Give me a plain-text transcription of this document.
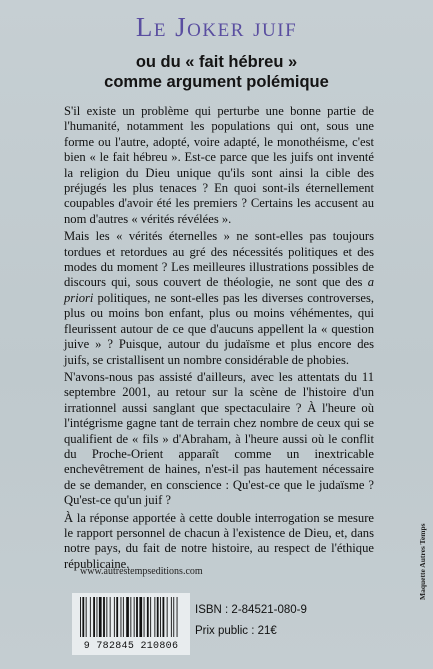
Le Joker juif
ou du « fait hébreu »
comme argument polémique

S'il existe un problème qui perturbe une bonne partie de l'humanité, notamment les populations qui ont, sous une forme ou l'autre, adopté, voire adapté, le monothéisme, c'est bien « le fait hébreu ». Est-ce parce que les juifs ont inventé la religion du Dieu unique qu'ils sont ainsi la cible des préjugés les plus tenaces ? En quoi sont-ils éternellement coupables d'avoir été les premiers ? Certains les accusent au nom d'autres « vérités révélées ».

Mais les « vérités éternelles » ne sont-elles pas toujours tordues et retordues au gré des nécessités politiques et des modes du moment ? Les meilleures illustrations possibles de discours qui, sous couvert de théologie, ne sont que des a priori politiques, ne sont-elles pas les diverses controverses, plus ou moins bon enfant, plus ou moins véhémentes, qui fleurissent autour de ce que d'aucuns appellent la « question juive » ? Puisque, autour du judaïsme et plus encore des juifs, se cristallisent un nombre considérable de phobies.

N'avons-nous pas assisté d'ailleurs, avec les attentats du 11 septembre 2001, au retour sur la scène de l'histoire d'un irrationnel aussi sanglant que spectaculaire ? À l'heure où l'intégrisme gagne tant de terrain chez nombre de ceux qui se qualifient de « fils » d'Abraham, à l'heure aussi où le conflit du Proche-Orient apparaît comme un inextricable enchevêtrement de haines, n'est-il pas hautement nécessaire de se demander, en conscience : Qu'est-ce que le judaïsme ? Qu'est-ce qu'un juif ?

À la réponse apportée à cette double interrogation se mesure le rapport personnel de chacun à l'existence de Dieu, et, dans notre pays, du fait de notre histoire, au respect de l'éthique républicaine.

www.autrestempseditions.com
9 782845 210806
ISBN : 2-84521-080-9
Prix public : 21€
Maquette Autres Temps
